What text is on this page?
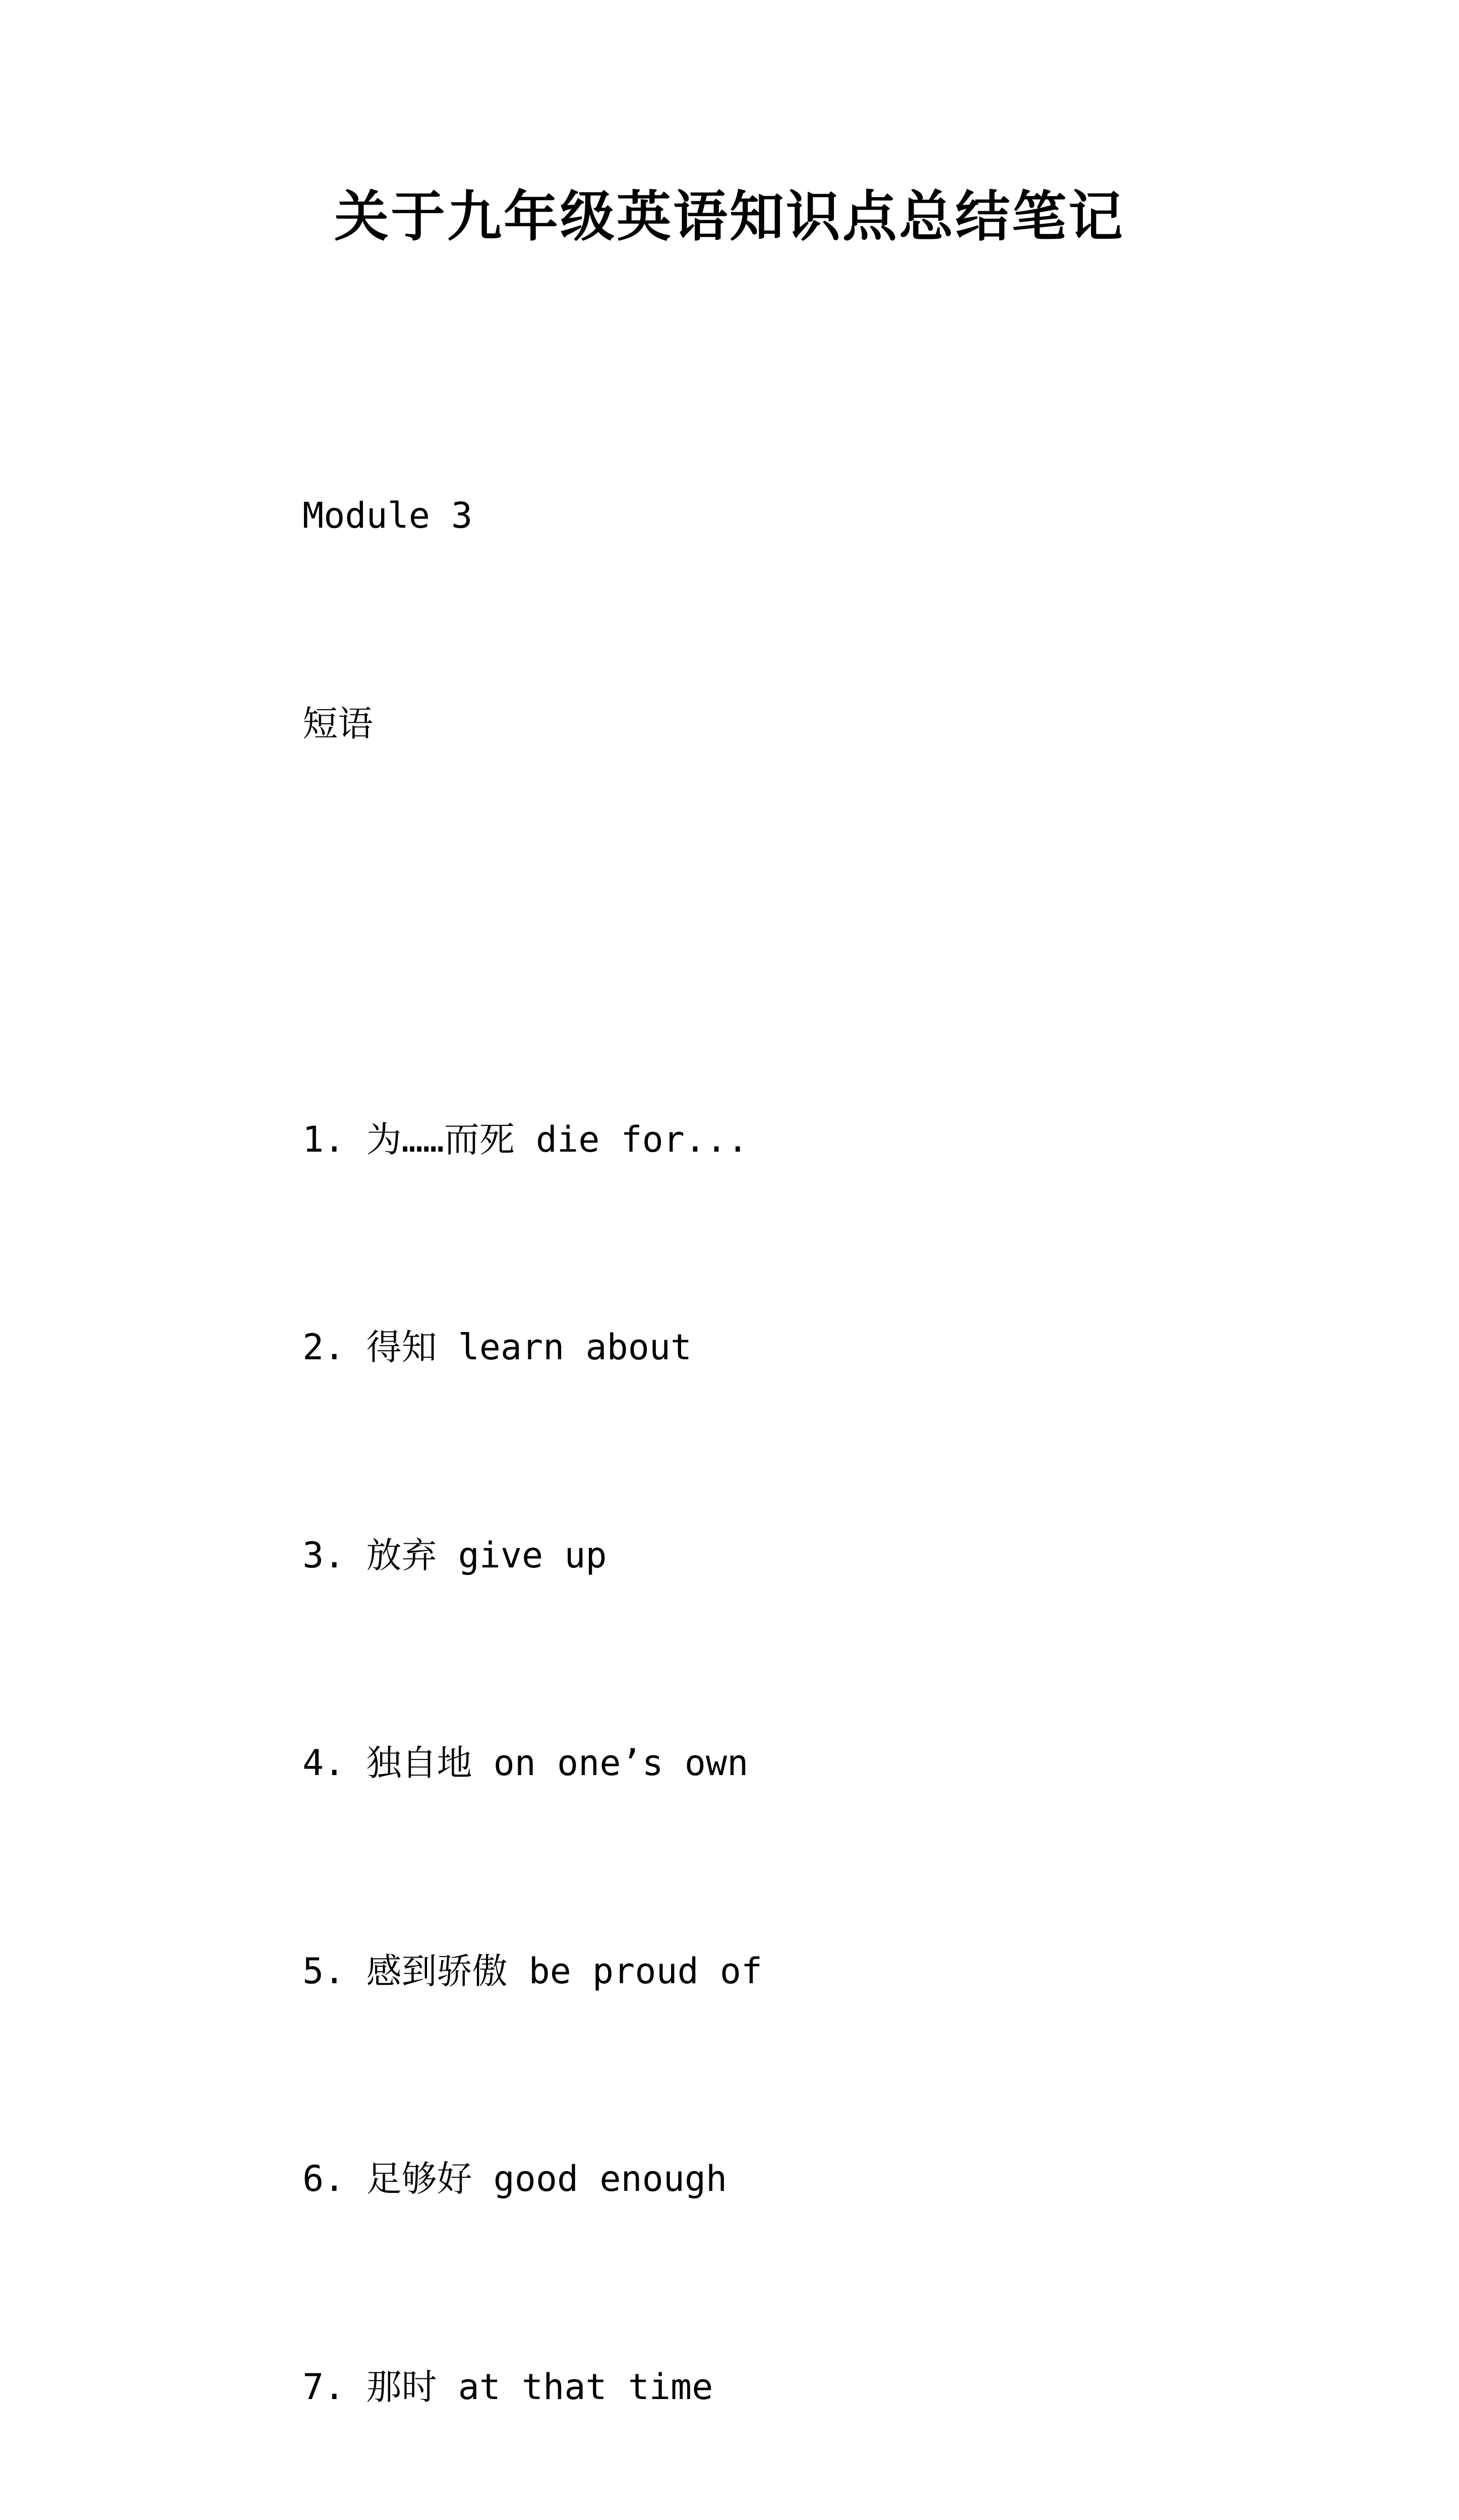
关于九年级英语知识点总结笔记

Module 3

短语

1. 为……而死 die for...

2. 得知 learn about

3. 放弃 give up

4. 独自地 on one’s own

5. 感到骄傲 be proud of

6. 足够好 good enough

7. 那时 at that time
